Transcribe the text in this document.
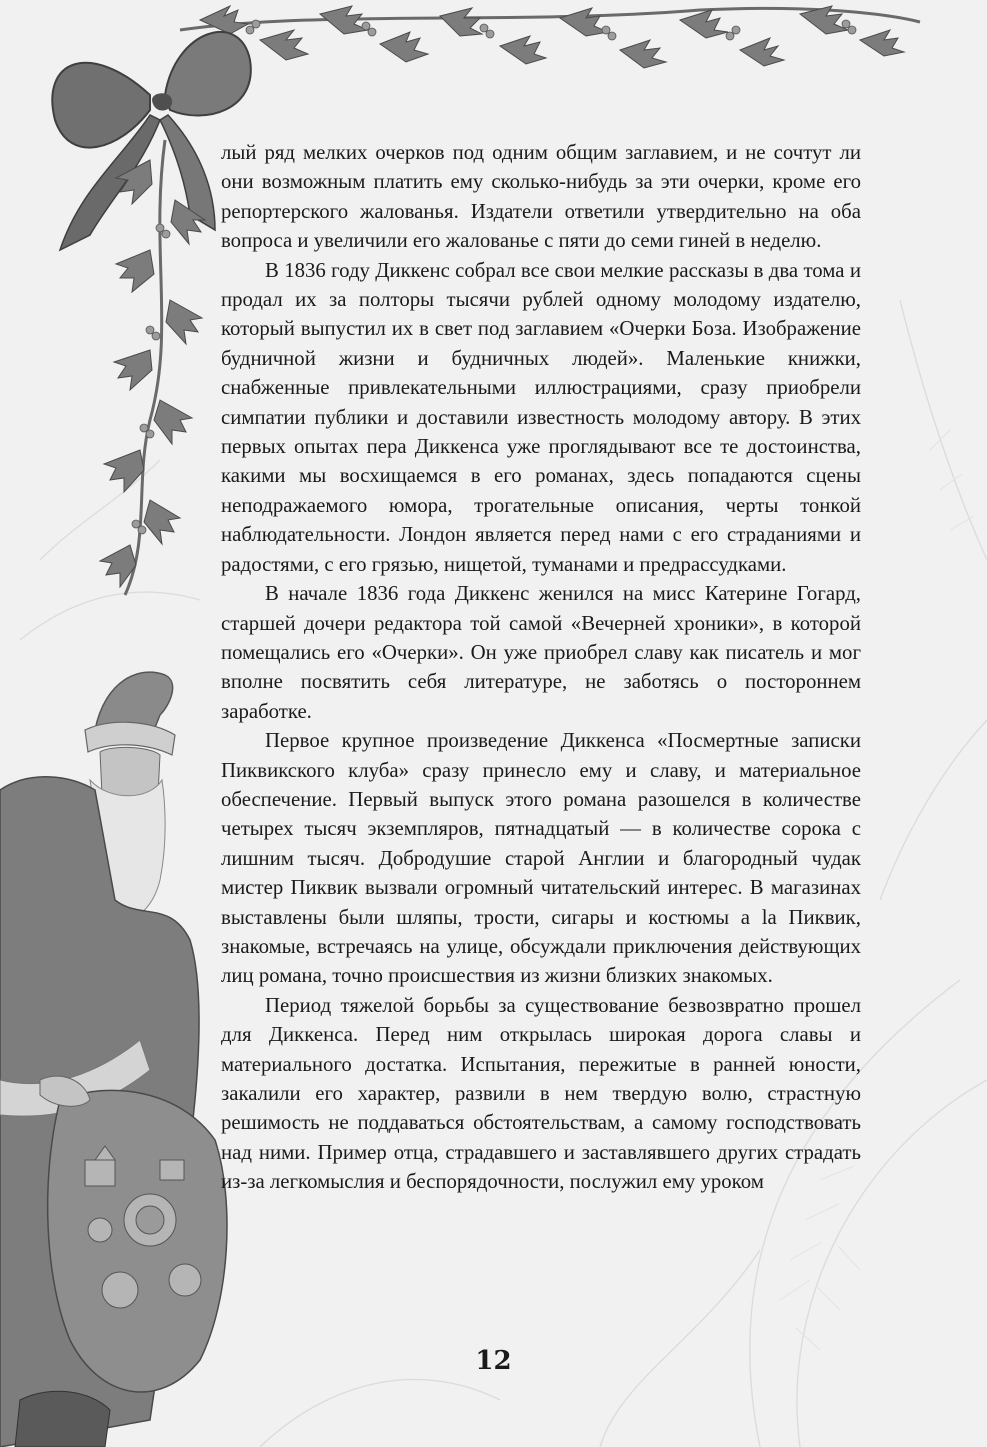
лый ряд мелких очерков под одним общим заглавием, и не сочтут ли они возможным платить ему сколько-нибудь за эти очерки, кроме его репортерского жалованья. Издатели ответили утвердительно на оба вопроса и увеличили его жалованье с пяти до семи гиней в неделю.

В 1836 году Диккенс собрал все свои мелкие рассказы в два тома и продал их за полторы тысячи рублей одному молодому издателю, который выпустил их в свет под заглавием «Очерки Боза. Изображение будничной жизни и будничных людей». Маленькие книжки, снабженные привлекательными иллюстрациями, сразу приобрели симпатии публики и доставили известность молодому автору. В этих первых опытах пера Диккенса уже проглядывают все те достоинства, какими мы восхищаемся в его романах, здесь попадаются сцены неподражаемого юмора, трогательные описания, черты тонкой наблюдательности. Лондон является перед нами с его страданиями и радостями, с его грязью, нищетой, туманами и предрассудками.

В начале 1836 года Диккенс женился на мисс Катерине Гогард, старшей дочери редактора той самой «Вечерней хроники», в которой помещались его «Очерки». Он уже приобрел славу как писатель и мог вполне посвятить себя литературе, не заботясь о постороннем заработке.

Первое крупное произведение Диккенса «Посмертные записки Пиквикского клуба» сразу принесло ему и славу, и материальное обеспечение. Первый выпуск этого романа разошелся в количестве четырех тысяч экземпляров, пятнадцатый — в количестве сорока с лишним тысяч. Добродушие старой Англии и благородный чудак мистер Пиквик вызвали огромный читательский интерес. В магазинах выставлены были шляпы, трости, сигары и костюмы a la Пиквик, знакомые, встречаясь на улице, обсуждали приключения действующих лиц романа, точно происшествия из жизни близких знакомых.

Период тяжелой борьбы за существование безвозвратно прошел для Диккенса. Перед ним открылась широкая дорога славы и материального достатка. Испытания, пережитые в ранней юности, закалили его характер, развили в нем твердую волю, страстную решимость не поддаваться обстоятельствам, а самому господствовать над ними. Пример отца, страдавшего и заставлявшего других страдать из-за легкомыслия и беспорядочности, послужил ему уроком

12
